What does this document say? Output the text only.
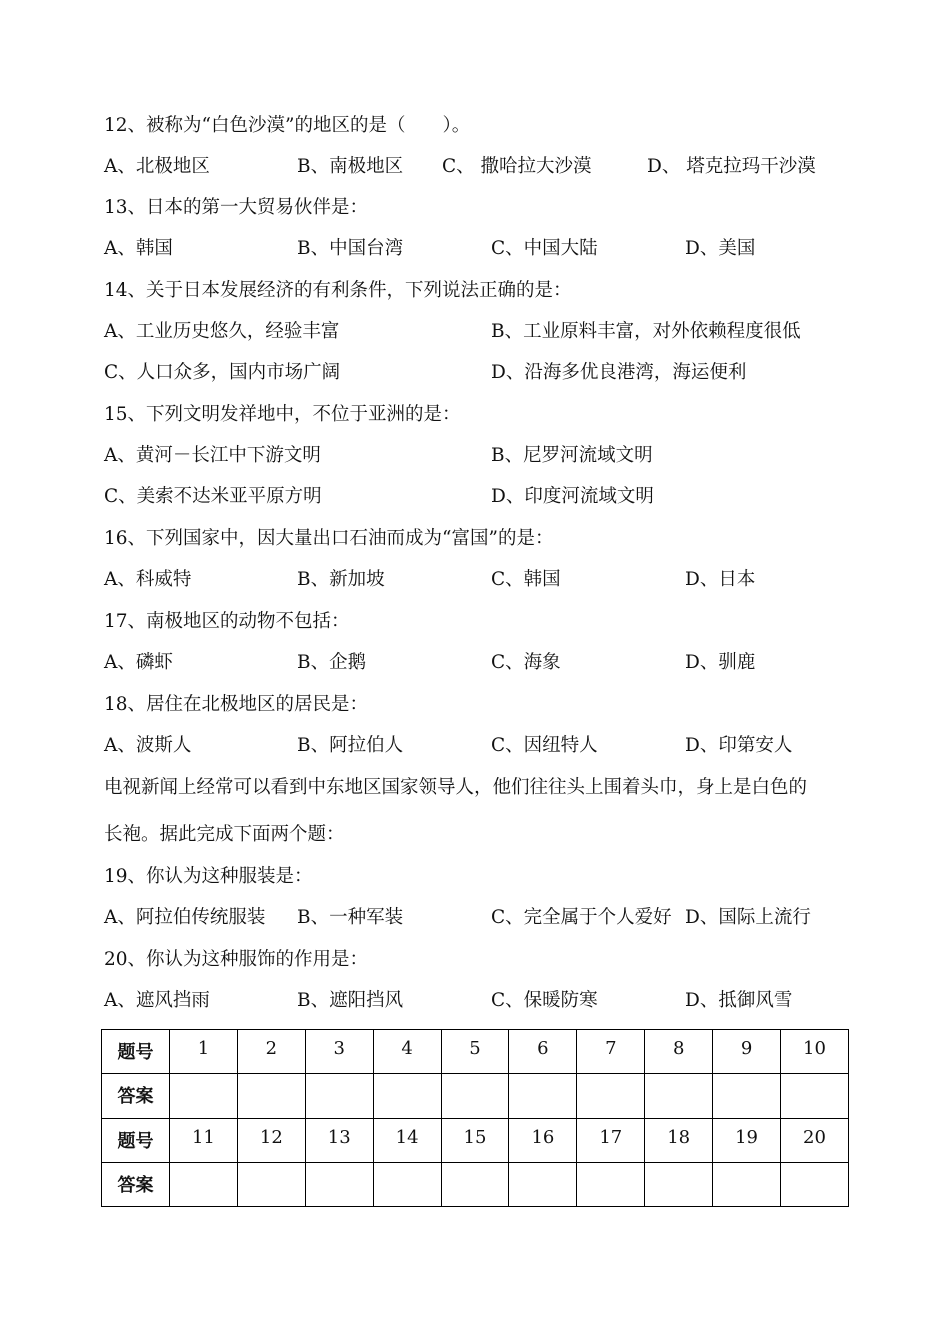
12、被称为“白色沙漠”的地区的是（　　）。
A、北极地区	B、南极地区 C、 撒哈拉大沙漠	D、 塔克拉玛干沙漠
13、日本的第一大贸易伙伴是：
A、韩国	B、中国台湾	C、中国大陆	D、美国
14、关于日本发展经济的有利条件，下列说法正确的是：
A、工业历史悠久，经验丰富	B、工业原料丰富，对外依赖程度很低
C、人口众多，国内市场广阔	D、沿海多优良港湾，海运便利
15、下列文明发祥地中，不位于亚洲的是：
A、黄河－长江中下游文明	B、尼罗河流域文明
C、美索不达米亚平原方明	D、印度河流域文明
16、下列国家中，因大量出口石油而成为“富国”的是：
A、科威特	B、新加坡	C、韩国	D、日本
17、南极地区的动物不包括：
A、磷虾	B、企鹅	C、海象	D、驯鹿
18、居住在北极地区的居民是：
A、波斯人	B、阿拉伯人	C、因纽特人	D、印第安人
电视新闻上经常可以看到中东地区国家领导人，他们往往头上围着头巾，身上是白色的
长袍。据此完成下面两个题：
19、你认为这种服装是：
A、阿拉伯传统服装 B、一种军装	C、完全属于个人爱好 D、国际上流行
20、你认为这种服饰的作用是：
A、遮风挡雨	B、遮阳挡风	C、保暖防寒	D、抵御风雪
题号	1	2	3	4	5	6	7	8	9	10
答案										
题号	11	12	13	14	15	16	17	18	19	20
答案										
